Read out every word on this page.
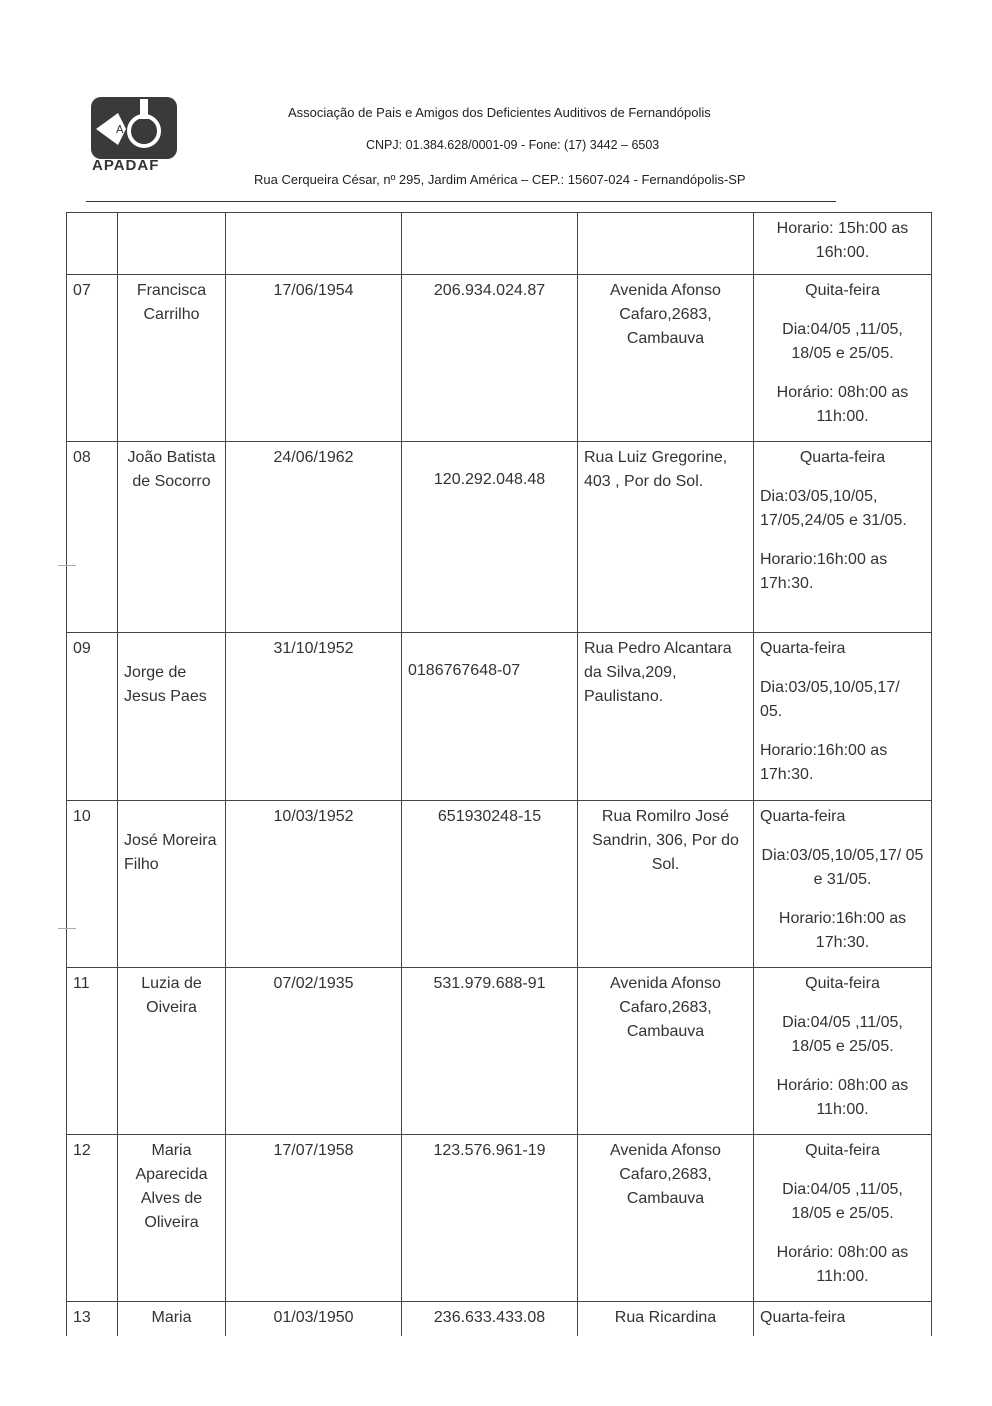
A
APADAF
Associação de Pais e Amigos dos Deficientes Auditivos de Fernandópolis
CNPJ: 01.384.628/0001-09 - Fone: (17) 3442 – 6503
Rua Cerqueira César, nº 295, Jardim América – CEP.: 15607-024 - Fernandópolis-SP

					Horario: 15h:00 as 16h:00.

07	Francisca Carrilho	17/06/1954	206.934.024.87	Avenida Afonso Cafaro,2683, Cambauva	Quita-feira

Dia:04/05 ,11/05, 18/05 e 25/05.

Horário: 08h:00 as 11h:00.

08	João Batista de Socorro	24/06/1962	120.292.048.48	Rua Luiz Gregorine, 403 , Por do Sol.	Quarta-feira

Dia:03/05,10/05, 17/05,24/05 e 31/05.

Horario:16h:00 as 17h:30.

09	Jorge de Jesus Paes	31/10/1952	0186767648-07	Rua Pedro Alcantara da Silva,209, Paulistano.	Quarta-feira

Dia:03/05,10/05,17/ 05.

Horario:16h:00 as 17h:30.

10	José Moreira Filho	10/03/1952	651930248-15	Rua Romilro José Sandrin, 306, Por do Sol.	Quarta-feira

Dia:03/05,10/05,17/ 05 e 31/05.

Horario:16h:00 as 17h:30.

11	Luzia de Oiveira	07/02/1935	531.979.688-91	Avenida Afonso Cafaro,2683, Cambauva	Quita-feira

Dia:04/05 ,11/05, 18/05 e 25/05.

Horário: 08h:00 as 11h:00.

12	Maria Aparecida Alves de Oliveira	17/07/1958	123.576.961-19	Avenida Afonso Cafaro,2683, Cambauva	Quita-feira

Dia:04/05 ,11/05, 18/05 e 25/05.

Horário: 08h:00 as 11h:00.

13	Maria	01/03/1950	236.633.433.08	Rua Ricardina	Quarta-feira
